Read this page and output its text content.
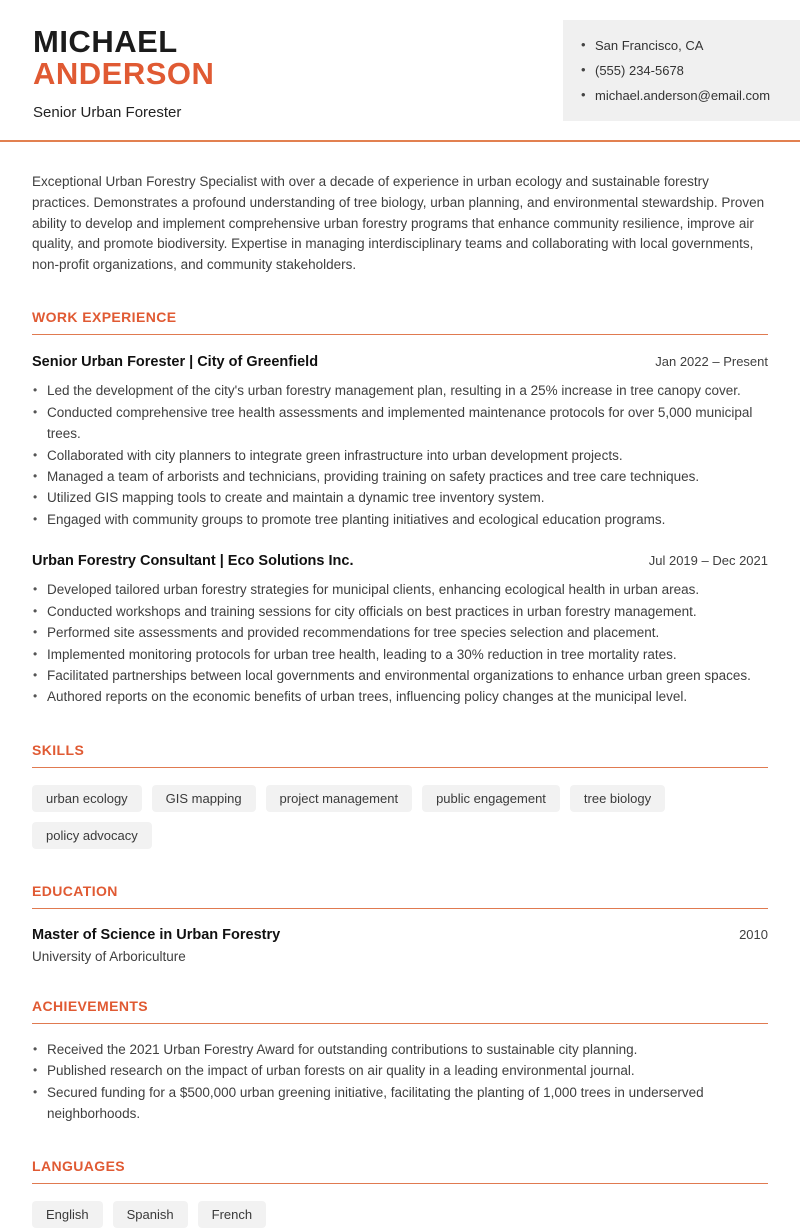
MICHAEL
ANDERSON
Senior Urban Forester
• San Francisco, CA
• (555) 234-5678
• michael.anderson@email.com

Exceptional Urban Forestry Specialist with over a decade of experience in urban ecology and sustainable forestry practices. Demonstrates a profound understanding of tree biology, urban planning, and environmental stewardship. Proven ability to develop and implement comprehensive urban forestry programs that enhance community resilience, improve air quality, and promote biodiversity. Expertise in managing interdisciplinary teams and collaborating with local governments, non-profit organizations, and community stakeholders.

WORK EXPERIENCE
Senior Urban Forester | City of Greenfield	Jan 2022 – Present
• Led the development of the city's urban forestry management plan, resulting in a 25% increase in tree canopy cover.
• Conducted comprehensive tree health assessments and implemented maintenance protocols for over 5,000 municipal trees.
• Collaborated with city planners to integrate green infrastructure into urban development projects.
• Managed a team of arborists and technicians, providing training on safety practices and tree care techniques.
• Utilized GIS mapping tools to create and maintain a dynamic tree inventory system.
• Engaged with community groups to promote tree planting initiatives and ecological education programs.
Urban Forestry Consultant | Eco Solutions Inc.	Jul 2019 – Dec 2021
• Developed tailored urban forestry strategies for municipal clients, enhancing ecological health in urban areas.
• Conducted workshops and training sessions for city officials on best practices in urban forestry management.
• Performed site assessments and provided recommendations for tree species selection and placement.
• Implemented monitoring protocols for urban tree health, leading to a 30% reduction in tree mortality rates.
• Facilitated partnerships between local governments and environmental organizations to enhance urban green spaces.
• Authored reports on the economic benefits of urban trees, influencing policy changes at the municipal level.
SKILLS
urban ecology	GIS mapping	project management	public engagement	tree biology
policy advocacy
EDUCATION
Master of Science in Urban Forestry	2010
University of Arboriculture
ACHIEVEMENTS
• Received the 2021 Urban Forestry Award for outstanding contributions to sustainable city planning.
• Published research on the impact of urban forests on air quality in a leading environmental journal.
• Secured funding for a $500,000 urban greening initiative, facilitating the planting of 1,000 trees in underserved neighborhoods.
LANGUAGES
English	Spanish	French
